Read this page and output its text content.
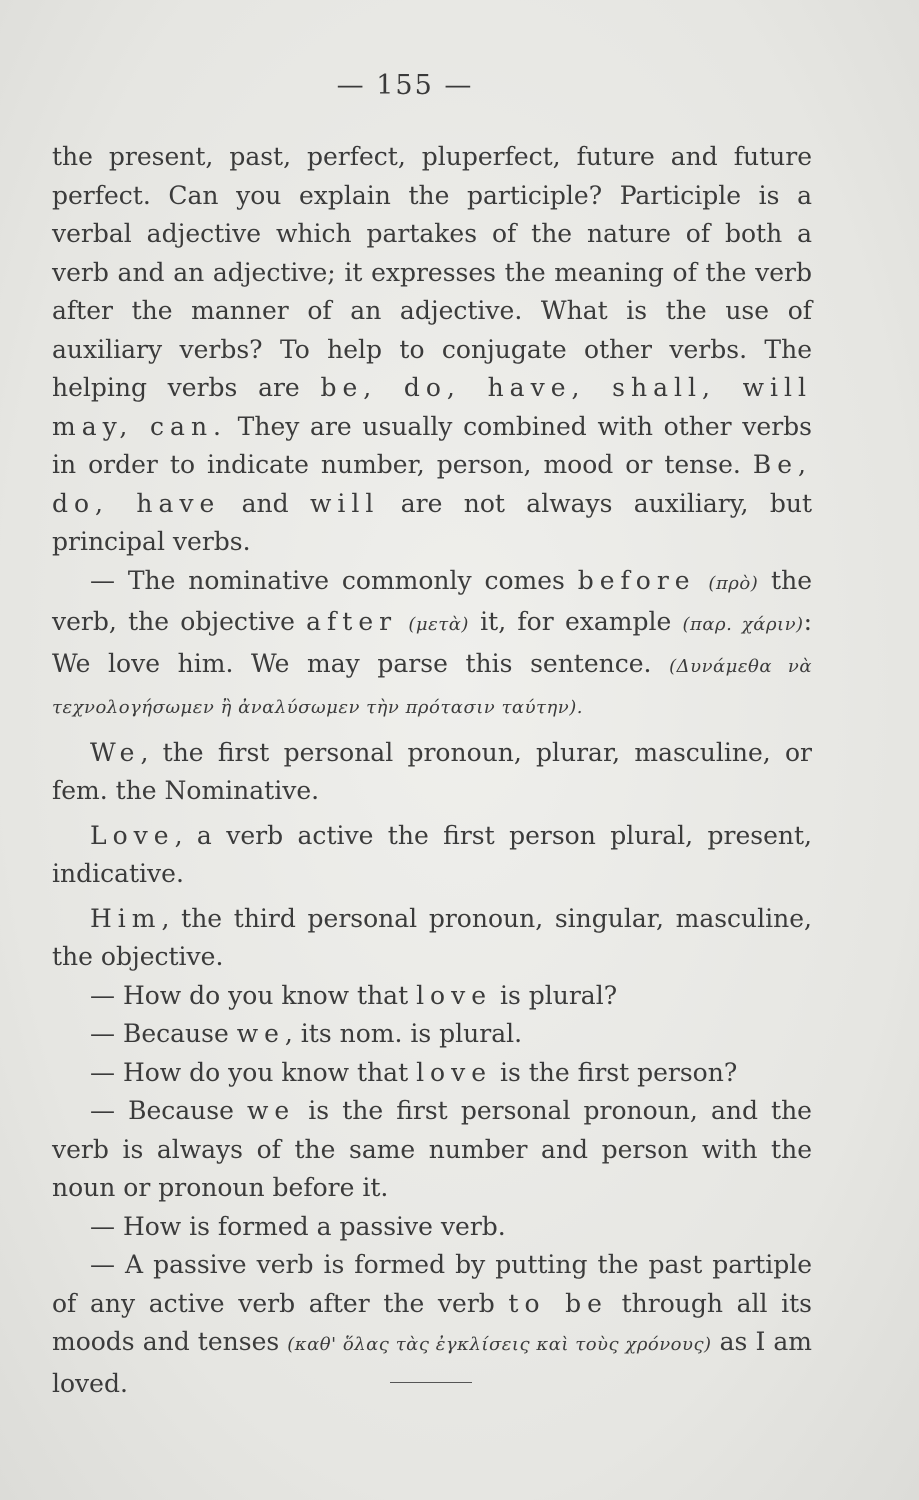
— 155 —

the present, past, perfect, pluperfect, future and future perfect. Can you explain the participle? Participle is a verbal adjective which partakes of the nature of both a verb and an adjective; it expresses the meaning of the verb after the manner of an adjective. What is the use of auxiliary verbs? To help to conjugate other verbs. The helping verbs are be, do, have, shall, will may, can. They are usually combined with other verbs in order to indicate number, person, mood or tense. Be, do, have and will are not always auxiliary, but principal verbs.

— The nominative commonly comes before (πρὸ) the verb, the objective after (μετὰ) it, for example (παρ. χάριν): We love him. We may parse this sentence. (Δυνάμεθα νὰ τεχνολογήσωμεν ἢ ἀναλύσωμεν τὴν πρότασιν ταύτην).

We, the first personal pronoun, plurar, masculine, or fem. the Nominative.

Love, a verb active the first person plural, present, indicative.

Him, the third personal pronoun, singular, masculine, the objective.

— How do you know that love is plural?

— Because we, its nom. is plural.

— How do you know that love is the first person?

— Because we is the first personal pronoun, and the verb is always of the same number and person with the noun or pronoun before it.

— How is formed a passive verb.

— A passive verb is formed by putting the past partiple of any active verb after the verb to be through all its moods and tenses (καθ' ὅλας τὰς ἐγκλίσεις καὶ τοὺς χρόνους) as I am loved.
